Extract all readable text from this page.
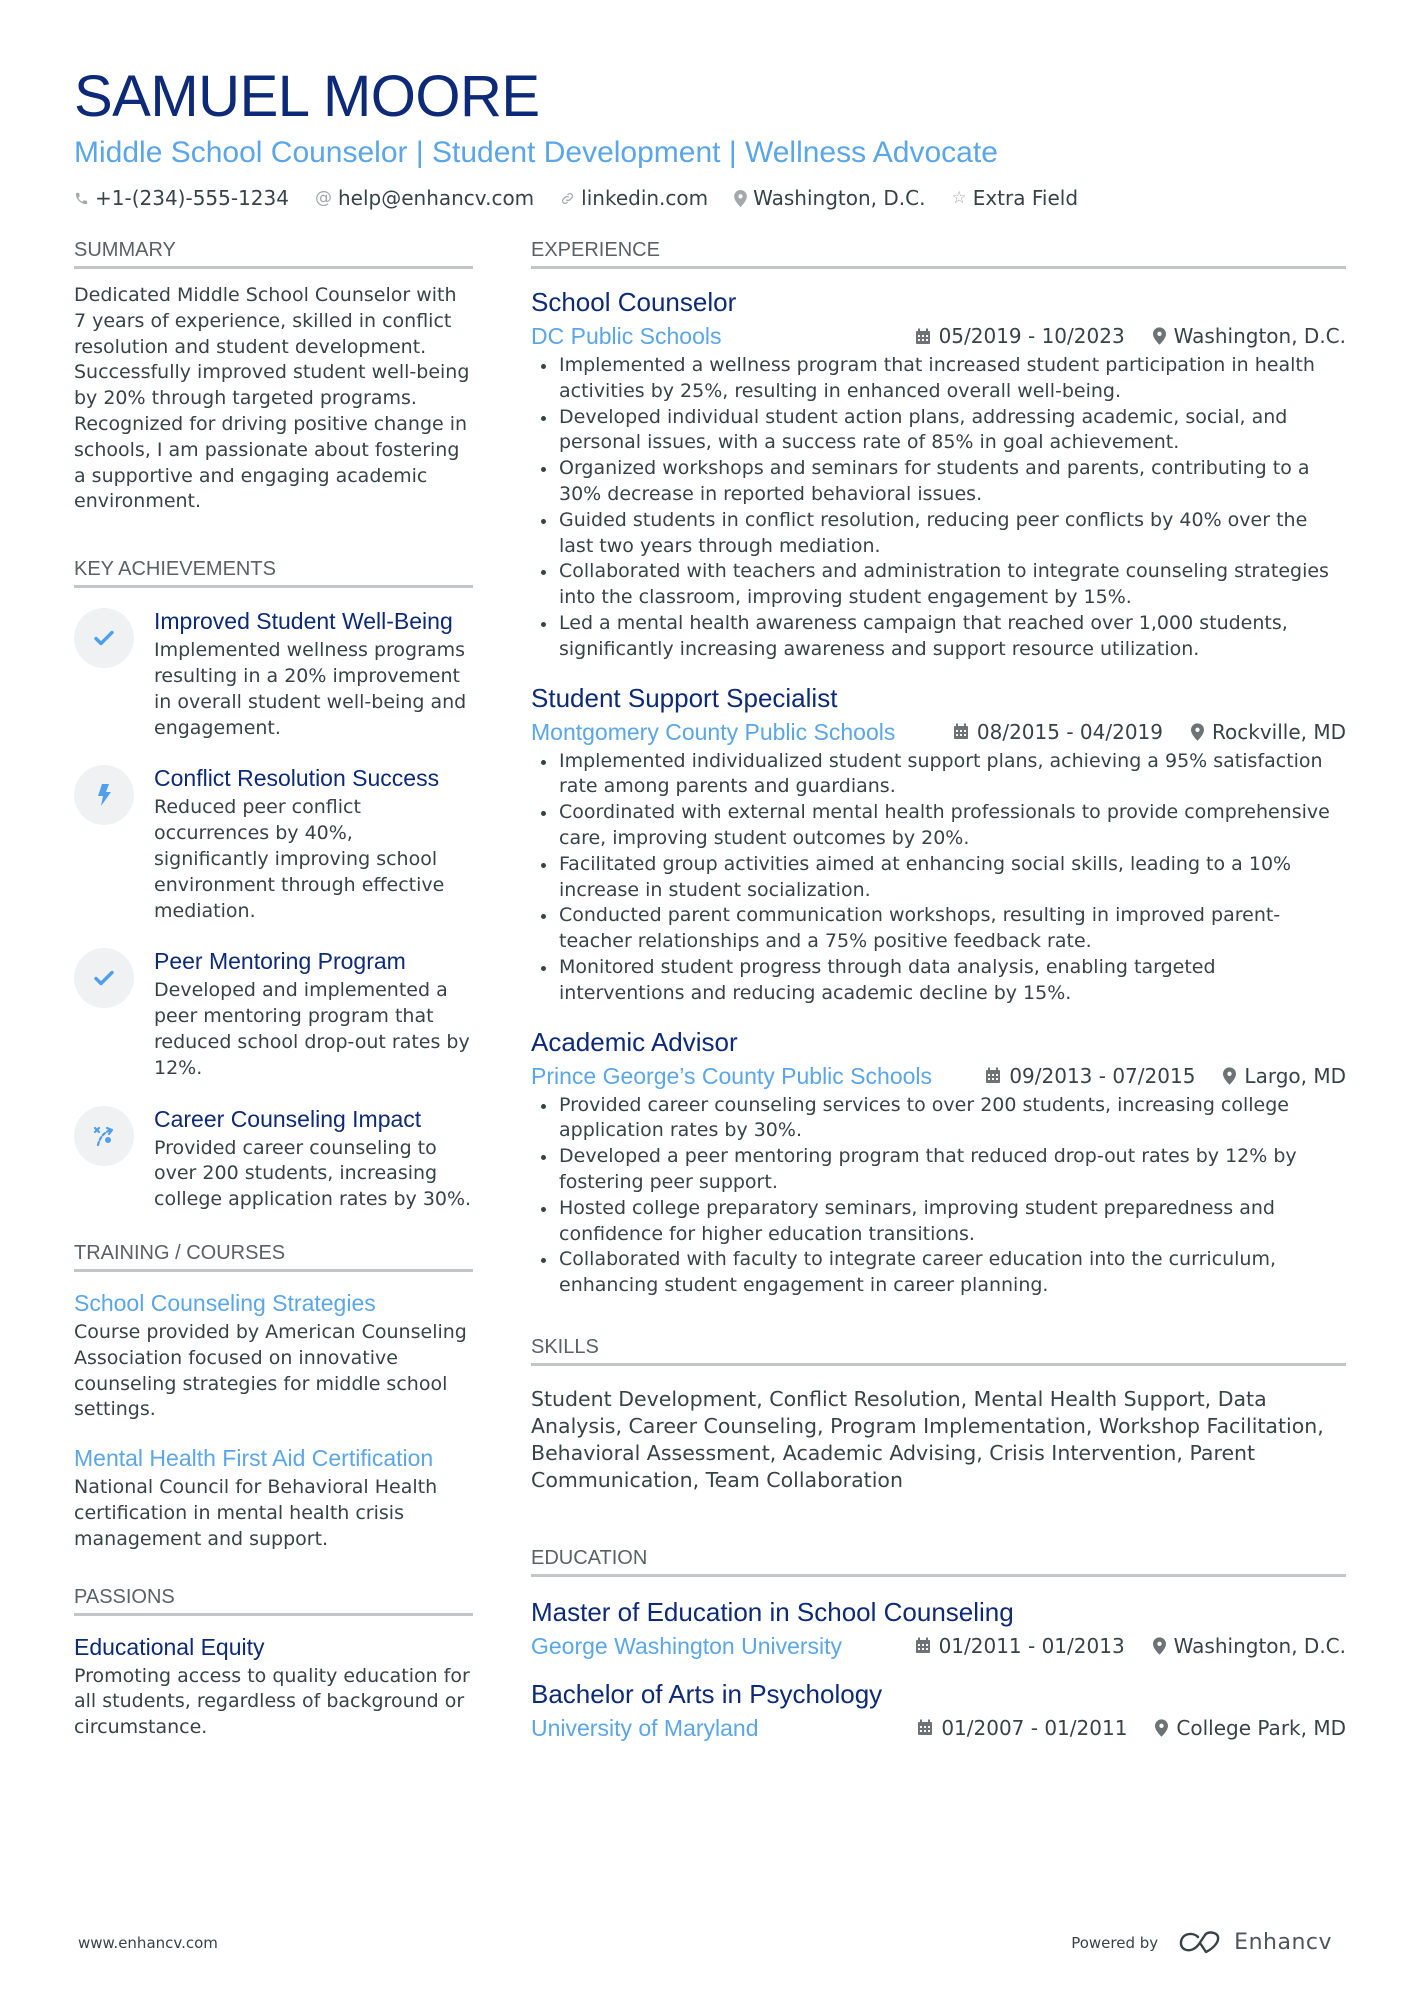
SAMUEL MOORE
Middle School Counselor | Student Development | Wellness Advocate
+1-(234)-555-1234 @ help@enhancv.com linkedin.com Washington, D.C. ☆ Extra Field
SUMMARY
Dedicated Middle School Counselor with 7 years of experience, skilled in conflict resolution and student development. Successfully improved student well-being by 20% through targeted programs. Recognized for driving positive change in schools, I am passionate about fostering a supportive and engaging academic environment.
KEY ACHIEVEMENTS
Improved Student Well-Being
Implemented wellness programs resulting in a 20% improvement in overall student well-being and engagement.
Conflict Resolution Success
Reduced peer conflict occurrences by 40%, significantly improving school environment through effective mediation.
Peer Mentoring Program
Developed and implemented a peer mentoring program that reduced school drop-out rates by 12%.
Career Counseling Impact
Provided career counseling to over 200 students, increasing college application rates by 30%.
TRAINING / COURSES
School Counseling Strategies
Course provided by American Counseling Association focused on innovative counseling strategies for middle school settings.
Mental Health First Aid Certification
National Council for Behavioral Health certification in mental health crisis management and support.
PASSIONS
Educational Equity
Promoting access to quality education for all students, regardless of background or circumstance.
EXPERIENCE
School Counselor
DC Public Schools	05/2019 - 10/2023 Washington, D.C.
Implemented a wellness program that increased student participation in health activities by 25%, resulting in enhanced overall well-being.
Developed individual student action plans, addressing academic, social, and personal issues, with a success rate of 85% in goal achievement.
Organized workshops and seminars for students and parents, contributing to a 30% decrease in reported behavioral issues.
Guided students in conflict resolution, reducing peer conflicts by 40% over the last two years through mediation.
Collaborated with teachers and administration to integrate counseling strategies into the classroom, improving student engagement by 15%.
Led a mental health awareness campaign that reached over 1,000 students, significantly increasing awareness and support resource utilization.
Student Support Specialist
Montgomery County Public Schools	08/2015 - 04/2019 Rockville, MD
Implemented individualized student support plans, achieving a 95% satisfaction rate among parents and guardians.
Coordinated with external mental health professionals to provide comprehensive care, improving student outcomes by 20%.
Facilitated group activities aimed at enhancing social skills, leading to a 10% increase in student socialization.
Conducted parent communication workshops, resulting in improved parent-teacher relationships and a 75% positive feedback rate.
Monitored student progress through data analysis, enabling targeted interventions and reducing academic decline by 15%.
Academic Advisor
Prince George’s County Public Schools	09/2013 - 07/2015 Largo, MD
Provided career counseling services to over 200 students, increasing college application rates by 30%.
Developed a peer mentoring program that reduced drop-out rates by 12% by fostering peer support.
Hosted college preparatory seminars, improving student preparedness and confidence for higher education transitions.
Collaborated with faculty to integrate career education into the curriculum, enhancing student engagement in career planning.
SKILLS
Student Development, Conflict Resolution, Mental Health Support, Data Analysis, Career Counseling, Program Implementation, Workshop Facilitation, Behavioral Assessment, Academic Advising, Crisis Intervention, Parent Communication, Team Collaboration
EDUCATION
Master of Education in School Counseling
George Washington University	01/2011 - 01/2013 Washington, D.C.
Bachelor of Arts in Psychology
University of Maryland	01/2007 - 01/2011 College Park, MD
www.enhancv.com	Powered by	Enhancv
